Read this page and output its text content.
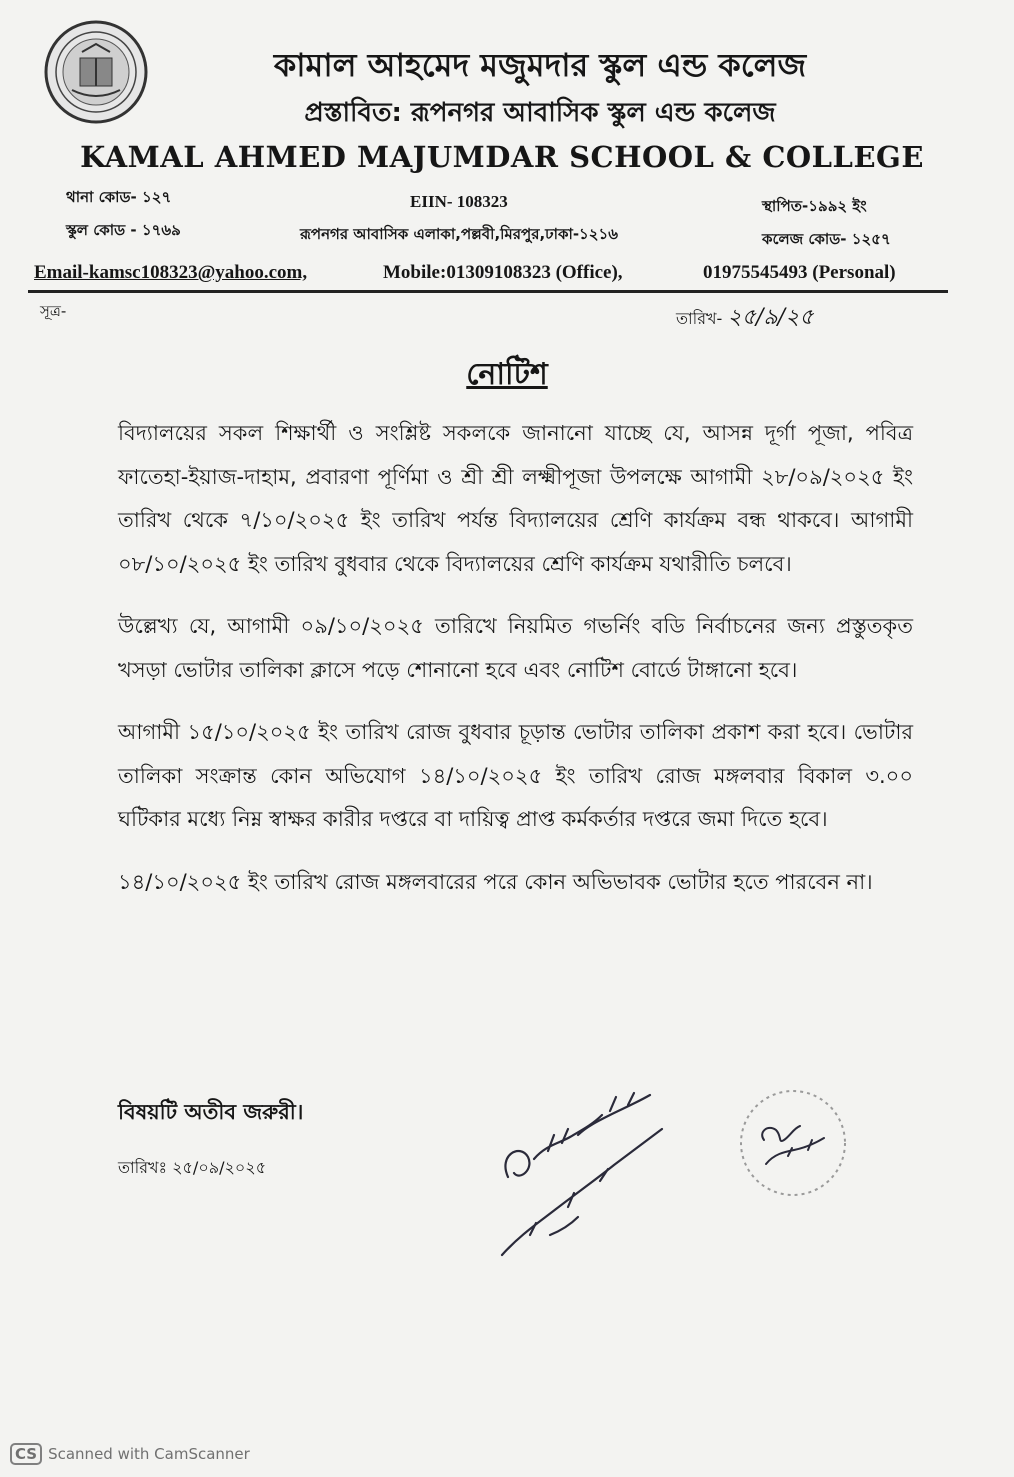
কামাল আহমেদ মজুমদার স্কুল এন্ড কলেজ
প্রস্তাবিত: রূপনগর আবাসিক স্কুল এন্ড কলেজ
KAMAL AHMED MAJUMDAR SCHOOL & COLLEGE
থানা কোড- ১২৭
স্কুল কোড - ১৭৬৯
EIIN- 108323
রূপনগর আবাসিক এলাকা,পল্লবী,মিরপুর,ঢাকা-১২১৬
স্থাপিত-১৯৯২ ইং
কলেজ কোড- ১২৫৭
Email-kamsc108323@yahoo.com,	Mobile:01309108323 (Office),	01975545493 (Personal)
সূত্র-	তারিখ- ২৫/৯/২৫
নোটিশ

বিদ্যালয়ের সকল শিক্ষার্থী ও সংশ্লিষ্ট সকলকে জানানো যাচ্ছে যে, আসন্ন দূর্গা পূজা, পবিত্র ফাতেহা-ইয়াজ-দাহাম, প্রবারণা পূর্ণিমা ও শ্রী শ্রী লক্ষ্মীপূজা উপলক্ষে আগামী ২৮/০৯/২০২৫ ইং তারিখ থেকে ৭/১০/২০২৫ ইং তারিখ পর্যন্ত বিদ্যালয়ের শ্রেণি কার্যক্রম বন্ধ থাকবে। আগামী ০৮/১০/২০২৫ ইং তারিখ বুধবার থেকে বিদ্যালয়ের শ্রেণি কার্যক্রম যথারীতি চলবে।

উল্লেখ্য যে, আগামী ০৯/১০/২০২৫ তারিখে নিয়মিত গভর্নিং বডি নির্বাচনের জন্য প্রস্তুতকৃত খসড়া ভোটার তালিকা ক্লাসে পড়ে শোনানো হবে এবং নোটিশ বোর্ডে টাঙ্গানো হবে।

আগামী ১৫/১০/২০২৫ ইং তারিখ রোজ বুধবার চূড়ান্ত ভোটার তালিকা প্রকাশ করা হবে। ভোটার তালিকা সংক্রান্ত কোন অভিযোগ ১৪/১০/২০২৫ ইং তারিখ রোজ মঙ্গলবার বিকাল ৩.০০ ঘটিকার মধ্যে নিম্ন স্বাক্ষর কারীর দপ্তরে বা দায়িত্ব প্রাপ্ত কর্মকর্তার দপ্তরে জমা দিতে হবে।

১৪/১০/২০২৫ ইং তারিখ রোজ মঙ্গলবারের পরে কোন অভিভাবক ভোটার হতে পারবেন না।

বিষয়টি অতীব জরুরী।
তারিখঃ ২৫/০৯/২০২৫
CS Scanned with CamScanner
